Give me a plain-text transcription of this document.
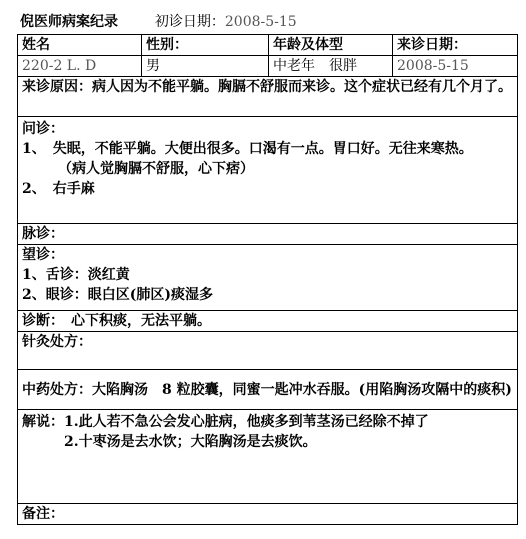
倪医师病案纪录	初诊日期：2008-5-15
姓名	性别：	年龄及体型	来诊日期：
220-2 L. D	男	中老年　很胖	2008-5-15
来诊原因：病人因为不能平躺。胸膈不舒服而来诊。这个症状已经有几个月了。			

问诊：
1、　失眠，不能平躺。大便出很多。口渴有一点。胃口好。无往来寒热。
（病人觉胸膈不舒服，心下痞）
2、　右手麻			

脉诊：			

望诊：
1、舌诊：淡红黄
2、眼诊：眼白区(肺区)痰湿多			

诊断：　心下积痰，无法平躺。			
针灸处方：			
中药处方：大陷胸汤　8 粒胶囊，同蜜一匙冲水吞服。(用陷胸汤攻隔中的痰积)			

解说：1.此人若不急公会发心脏病，他痰多到苇茎汤已经除不掉了
2.十枣汤是去水饮；大陷胸汤是去痰饮。			

备注：			
